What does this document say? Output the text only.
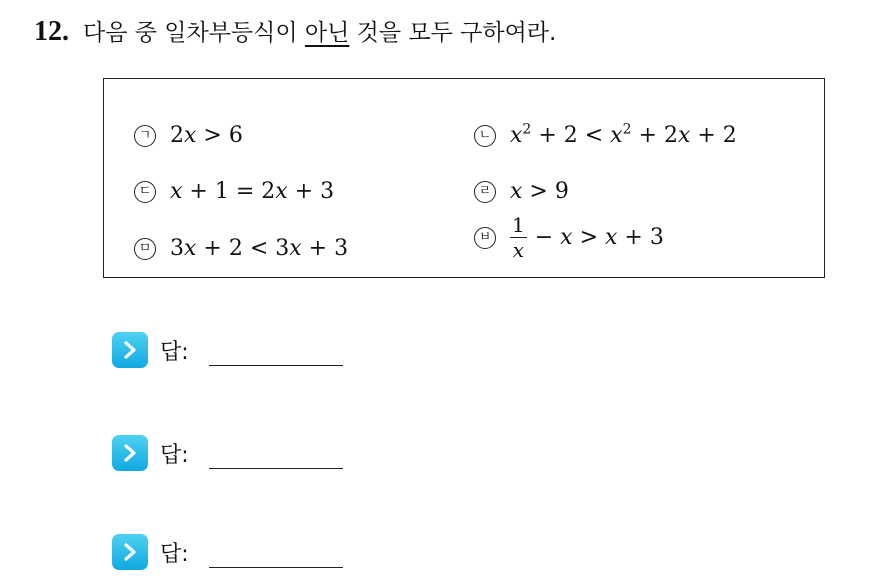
12. 다음 중 일차부등식이 아닌 것을 모두 구하여라.
ㄱ 2x > 6	ㄴ $x^2 + 2 < x^2 + 2x + 2$
ㄷ x + 1 = 2x + 3	ㄹ x > 9
ㅁ 3x + 2 < 3x + 3	ㅂ $\frac{1}{x} - x > x + 3$
답:
답:
답:
